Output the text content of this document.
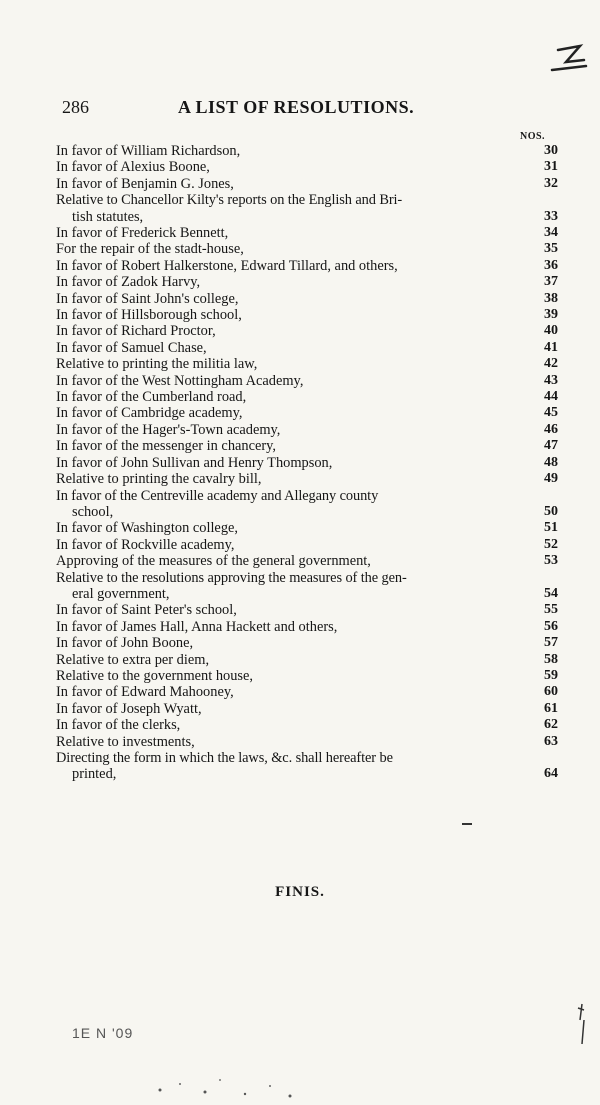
286	A LIST OF RESOLUTIONS.
NOS.
In favor of William Richardson,	30
In favor of Alexius Boone,	31
In favor of Benjamin G. Jones,	32
Relative to Chancellor Kilty's reports on the English and Bri-
tish statutes,	33
In favor of Frederick Bennett,	34
For the repair of the stadt-house,	35
In favor of Robert Halkerstone, Edward Tillard, and others,	36
In favor of Zadok Harvy,	37
In favor of Saint John's college,	38
In favor of Hillsborough school,	39
In favor of Richard Proctor,	40
In favor of Samuel Chase,	41
Relative to printing the militia law,	42
In favor of the West Nottingham Academy,	43
In favor of the Cumberland road,	44
In favor of Cambridge academy,	45
In favor of the Hager's-Town academy,	46
In favor of the messenger in chancery,	47
In favor of John Sullivan and Henry Thompson,	48
Relative to printing the cavalry bill,	49
In favor of the Centreville academy and Allegany county
school,	50
In favor of Washington college,	51
In favor of Rockville academy,	52
Approving of the measures of the general government,	53
Relative to the resolutions approving the measures of the gen-
eral government,	54
In favor of Saint Peter's school,	55
In favor of James Hall, Anna Hackett and others,	56
In favor of John Boone,	57
Relative to extra per diem,	58
Relative to the government house,	59
In favor of Edward Mahooney,	60
In favor of Joseph Wyatt,	61
In favor of the clerks,	62
Relative to investments,	63
Directing the form in which the laws, &c. shall hereafter be
printed,	64
FINIS.
1E N '09
